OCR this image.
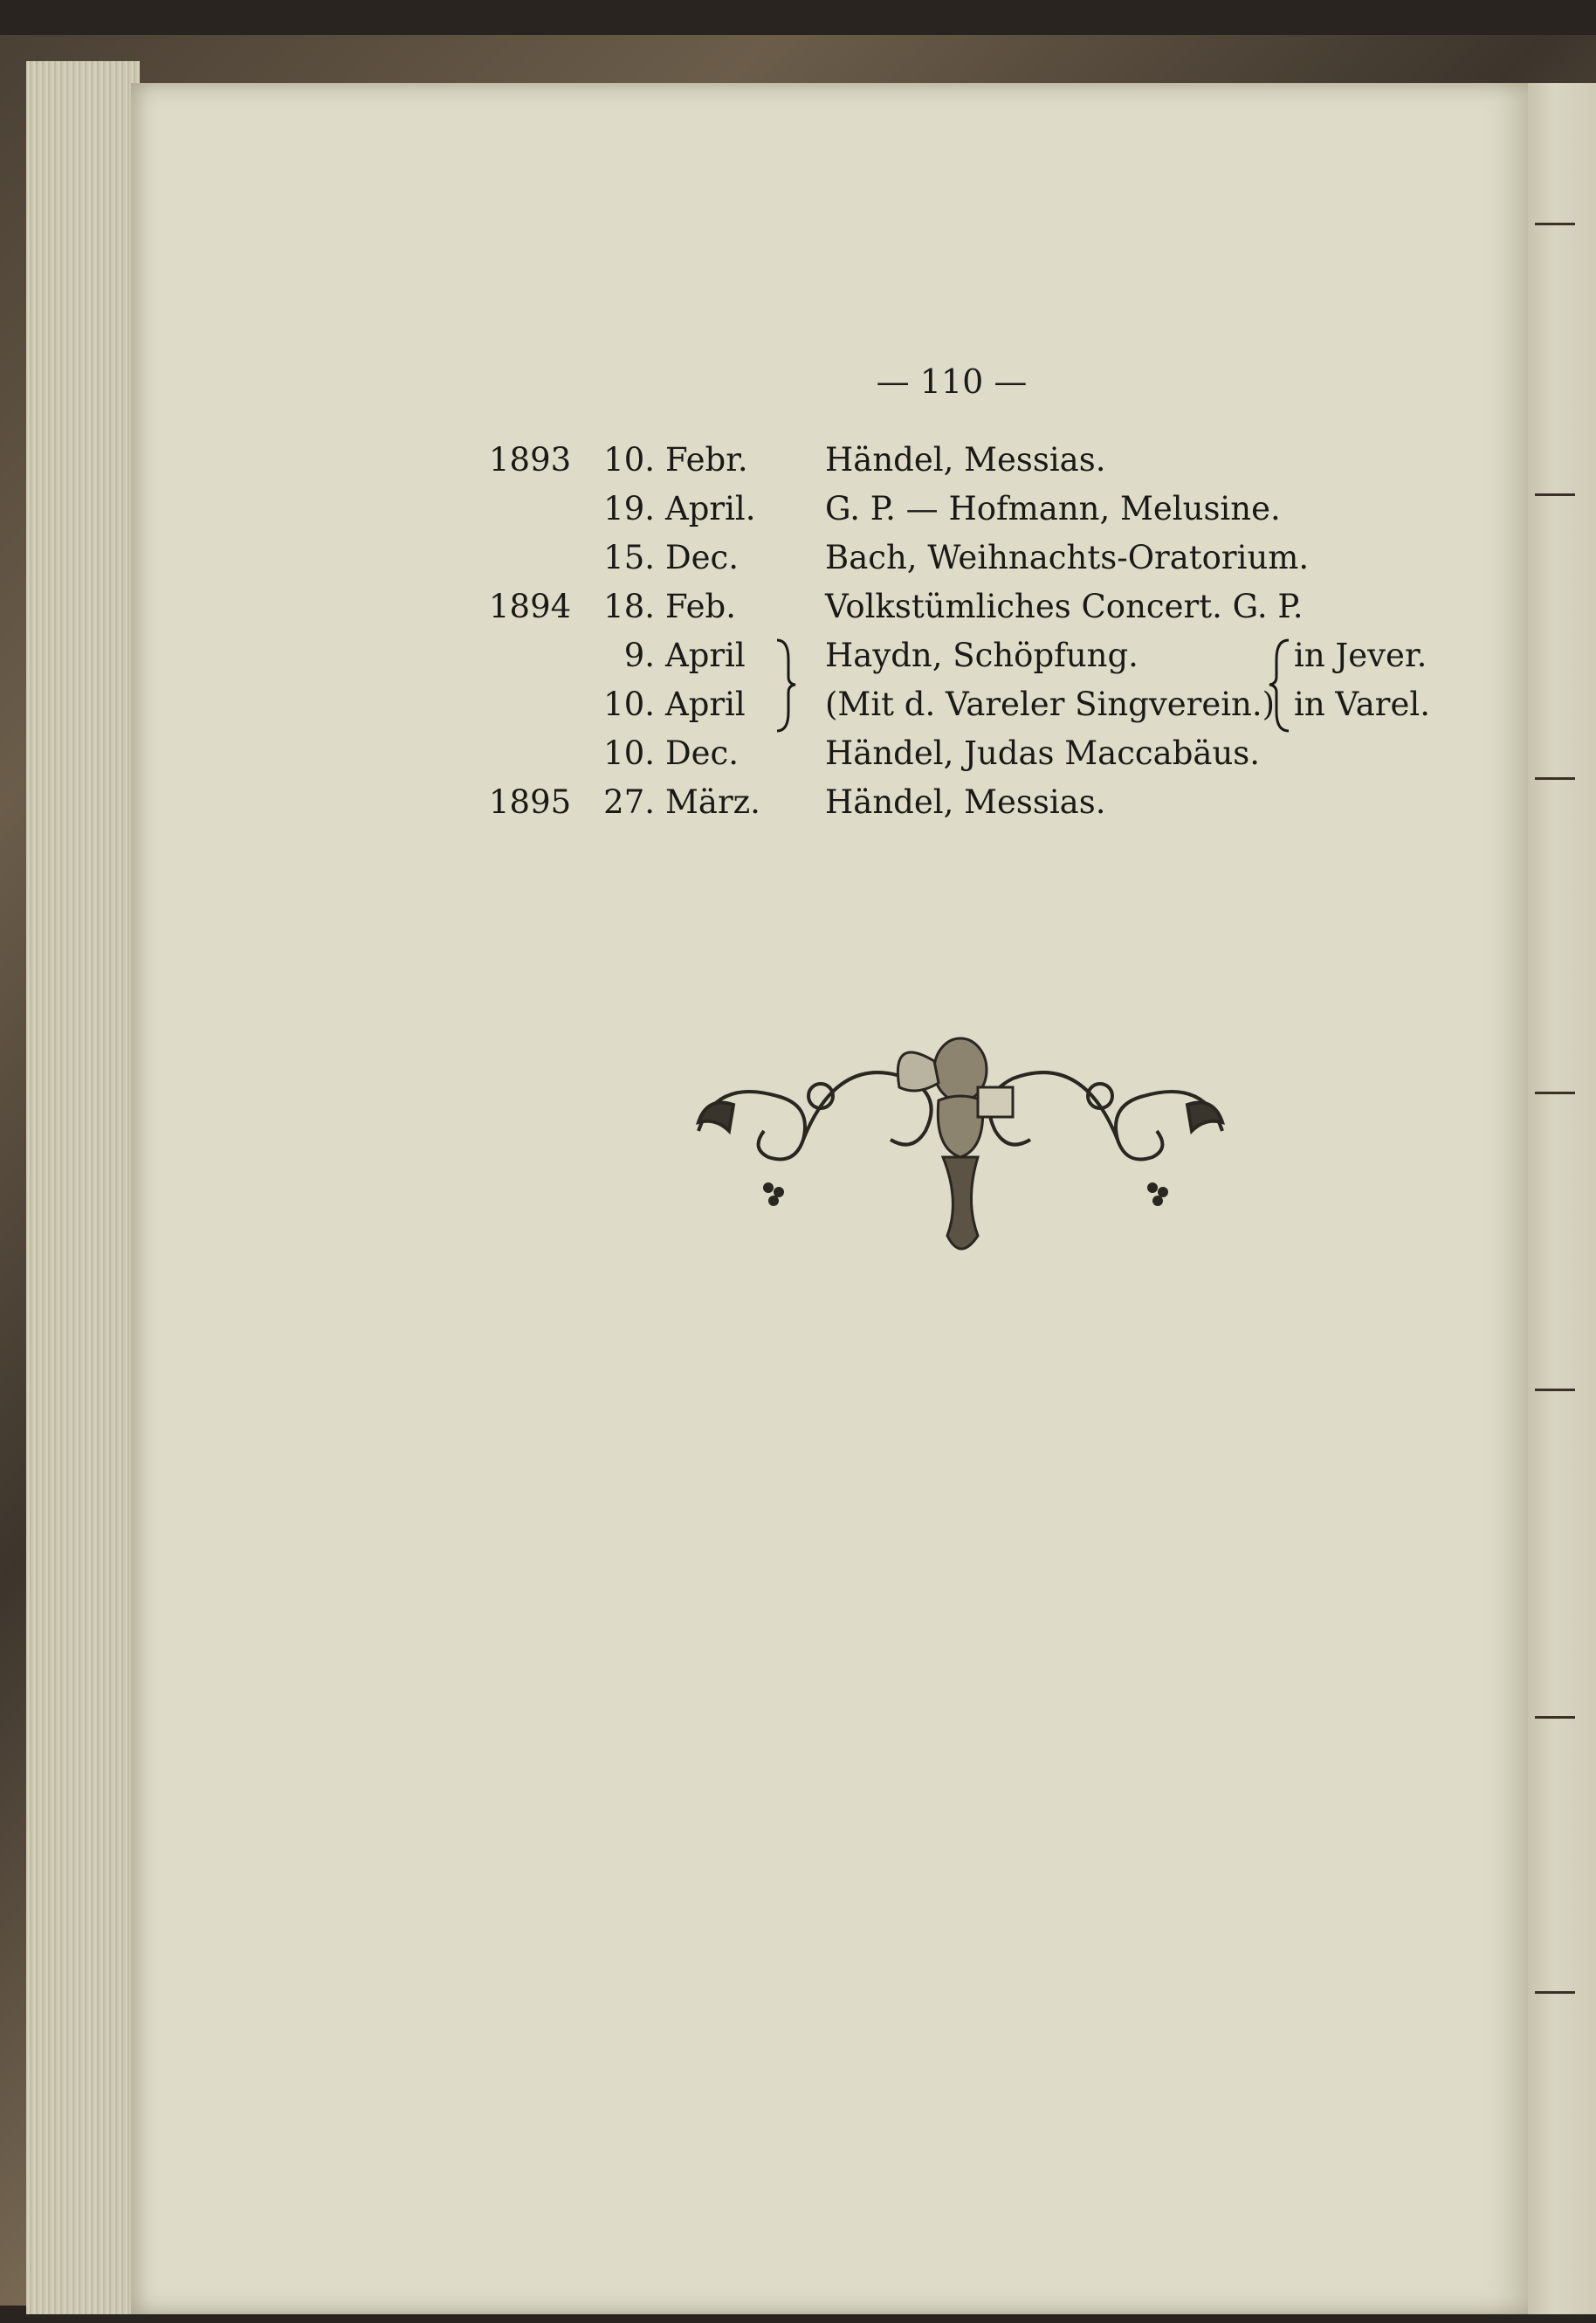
— 110 —
1893 10. Febr.	Händel, Messias.
19. April.	G. P. — Hofmann, Melusine.
15. Dec.	Bach, Weihnachts-Oratorium.
1894 18. Feb.	Volkstümliches Concert. G. P.
9. April	Haydn, Schöpfung.	in Jever.
10. April	(Mit d. Vareler Singverein.) in Varel.
10. Dec.	Händel, Judas Maccabäus.
1895 27. März.	Händel, Messias.
